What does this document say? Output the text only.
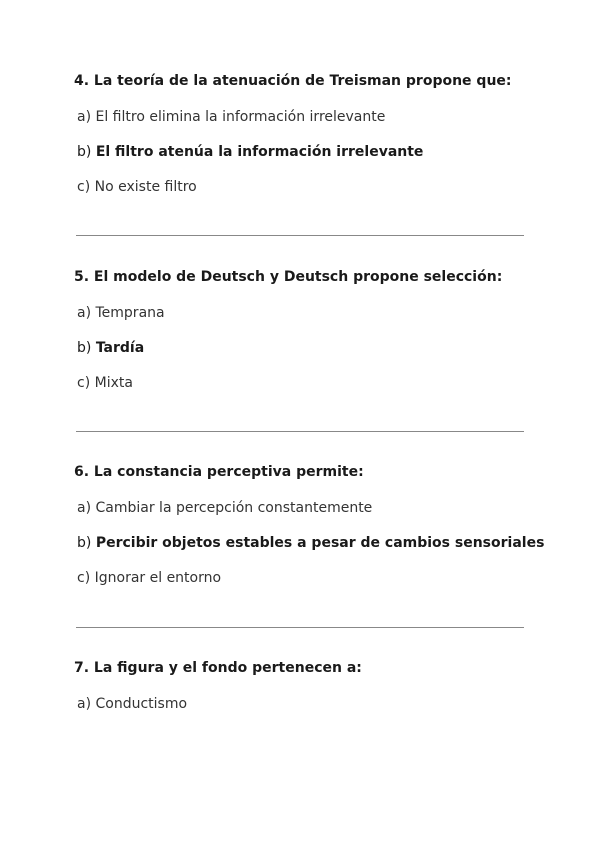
4. La teoría de la atenuación de Treisman propone que:

a) El filtro elimina la información irrelevante
b) El filtro atenúa la información irrelevante
c) No existe filtro

5. El modelo de Deutsch y Deutsch propone selección:

a) Temprana
b) Tardía
c) Mixta

6. La constancia perceptiva permite:

a) Cambiar la percepción constantemente
b) Percibir objetos estables a pesar de cambios sensoriales
c) Ignorar el entorno

7. La figura y el fondo pertenecen a:

a) Conductismo
